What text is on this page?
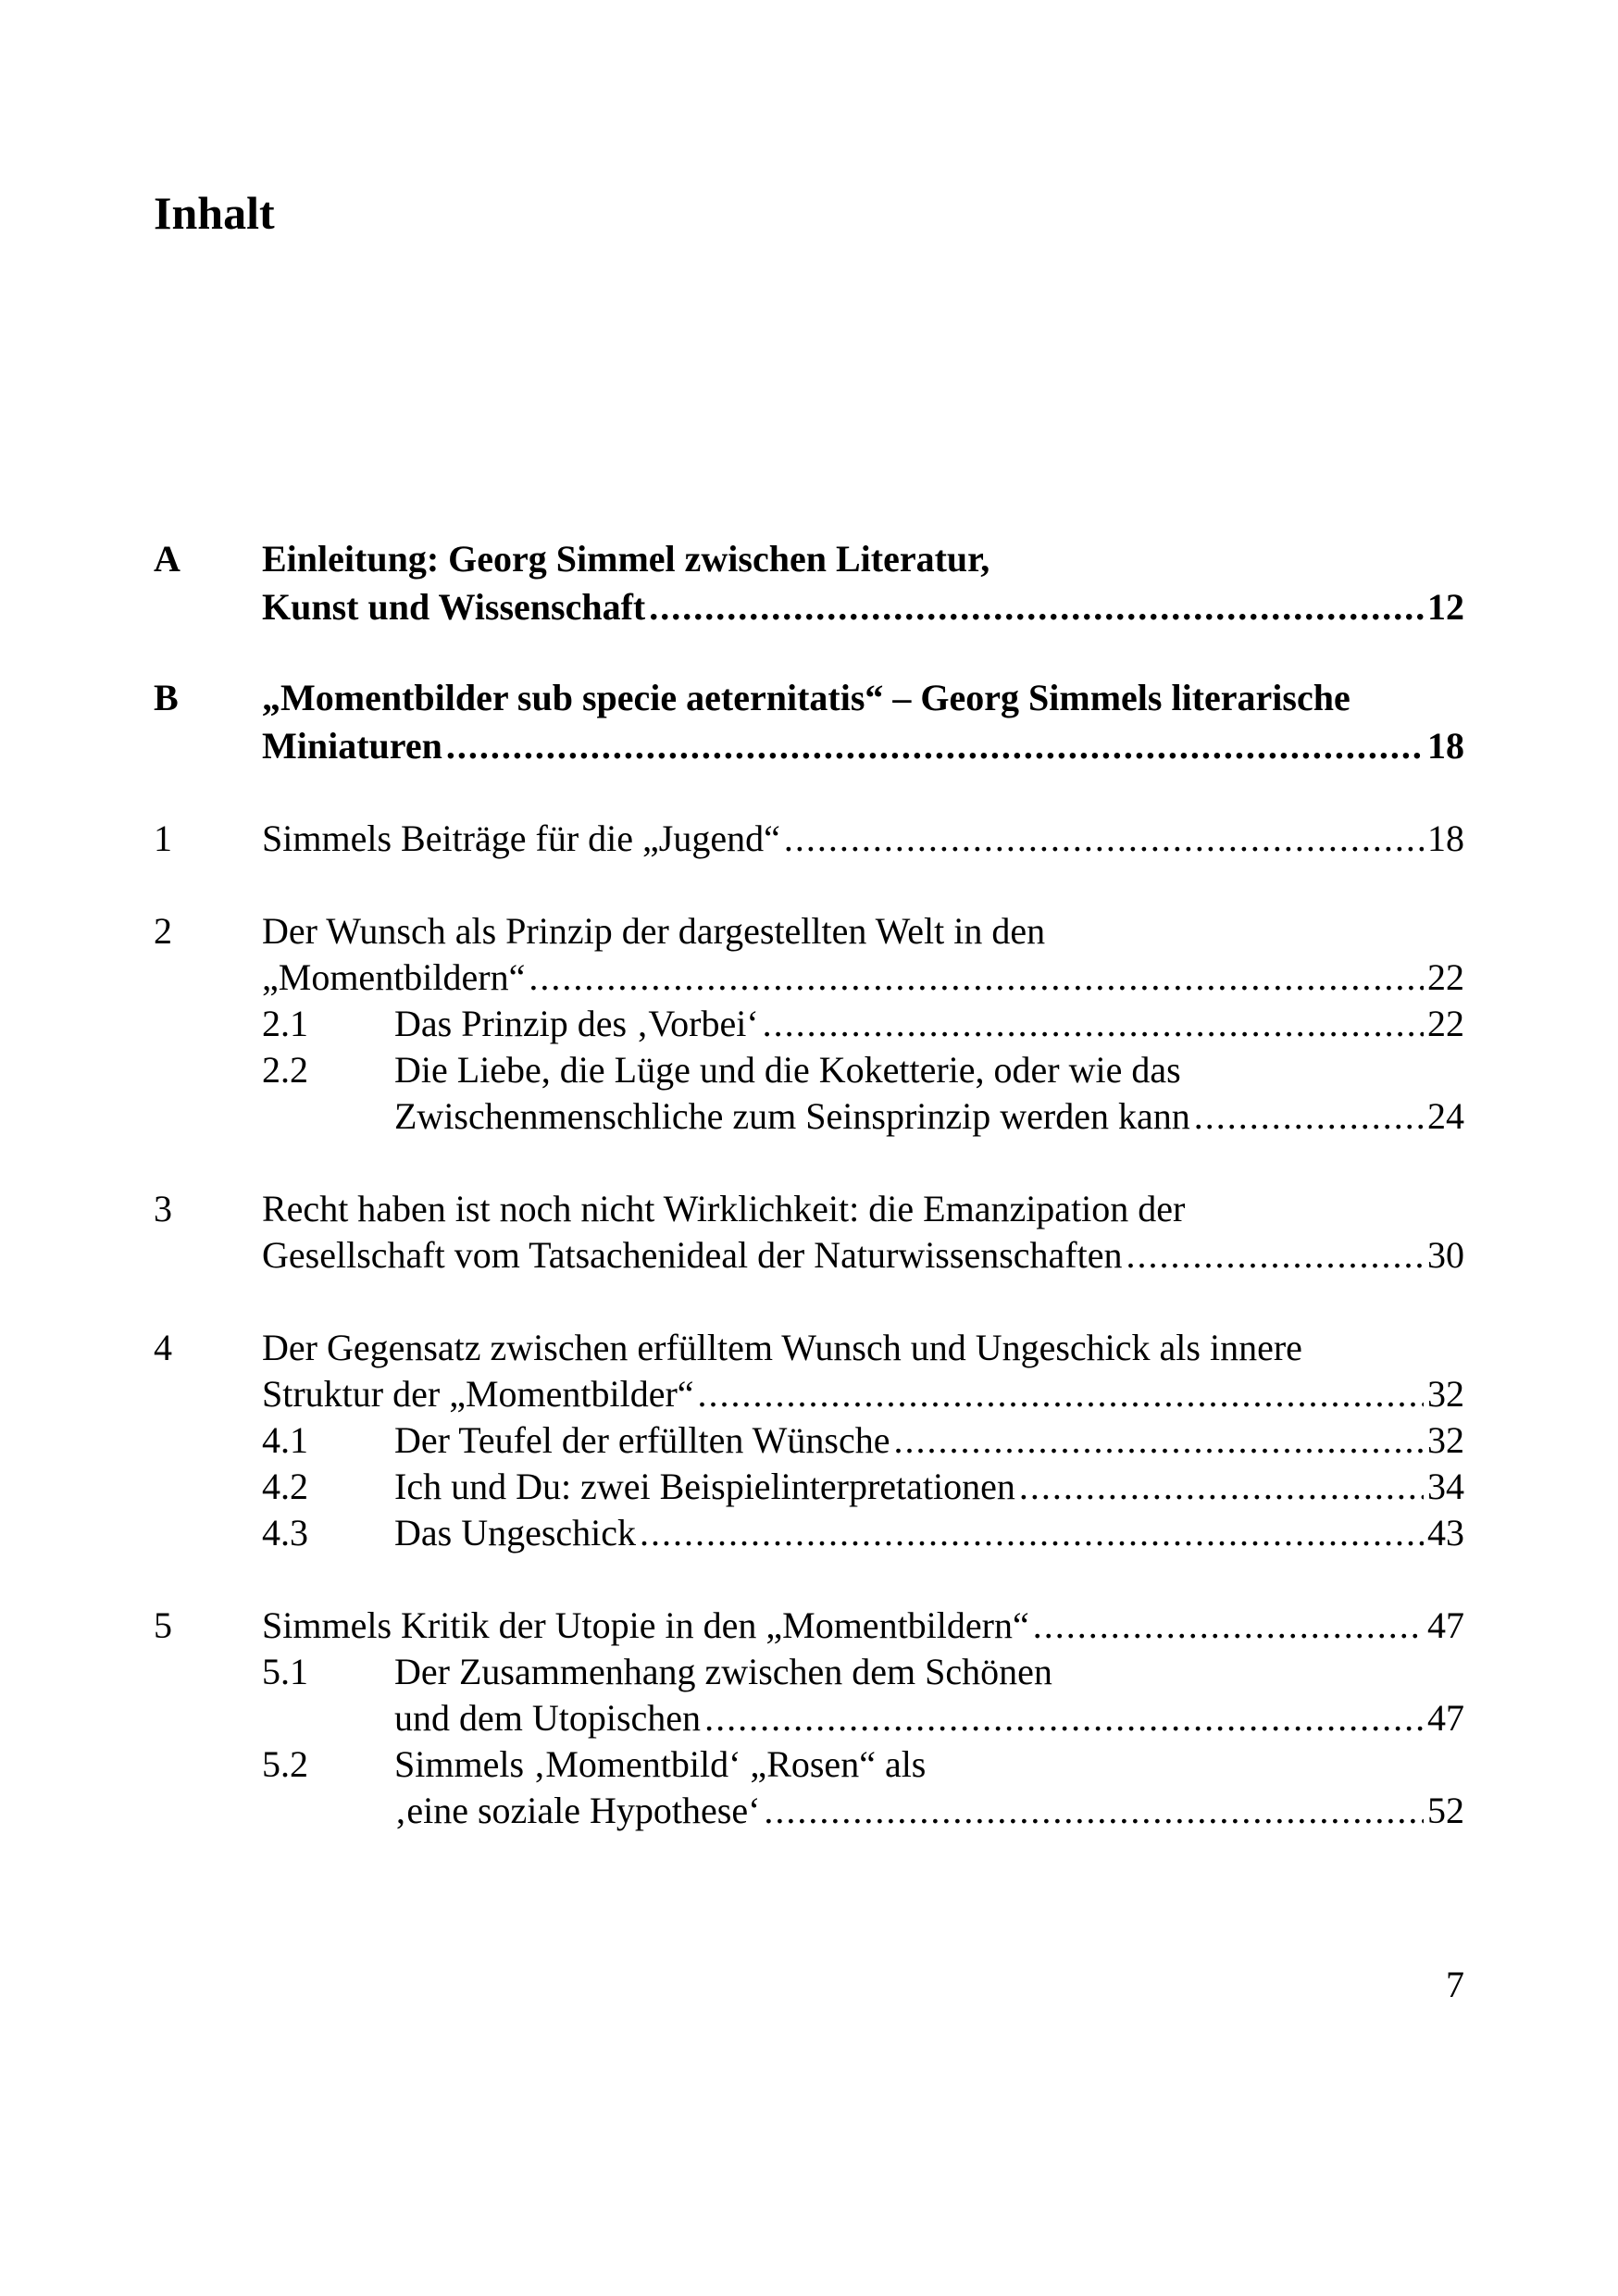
Inhalt
A Einleitung: Georg Simmel zwischen Literatur,
Kunst und Wissenschaft . . .	12
B „Momentbilder sub specie aeternitatis“ – Georg Simmels literarische
Miniaturen . . .	18
1 Simmels Beiträge für die „Jugend“ . . .	18
2 Der Wunsch als Prinzip der dargestellten Welt in den
„Momentbildern“ . . .	22
2.1 Das Prinzip des ‚Vorbei‘ . . .	22
2.2 Die Liebe, die Lüge und die Koketterie, oder wie das
Zwischenmenschliche zum Seinsprinzip werden kann . . .	24
3 Recht haben ist noch nicht Wirklichkeit: die Emanzipation der
Gesellschaft vom Tatsachenideal der Naturwissenschaften . . .	30
4 Der Gegensatz zwischen erfülltem Wunsch und Ungeschick als innere
Struktur der „Momentbilder“ . . .	32
4.1 Der Teufel der erfüllten Wünsche . . .	32
4.2 Ich und Du: zwei Beispielinterpretationen . . .	34
4.3 Das Ungeschick . . .	43
5 Simmels Kritik der Utopie in den „Momentbildern“ . . .	47
5.1 Der Zusammenhang zwischen dem Schönen
und dem Utopischen . . .	47
5.2 Simmels ‚Momentbild‘ „Rosen“ als
‚eine soziale Hypothese‘ . . .	52
7
